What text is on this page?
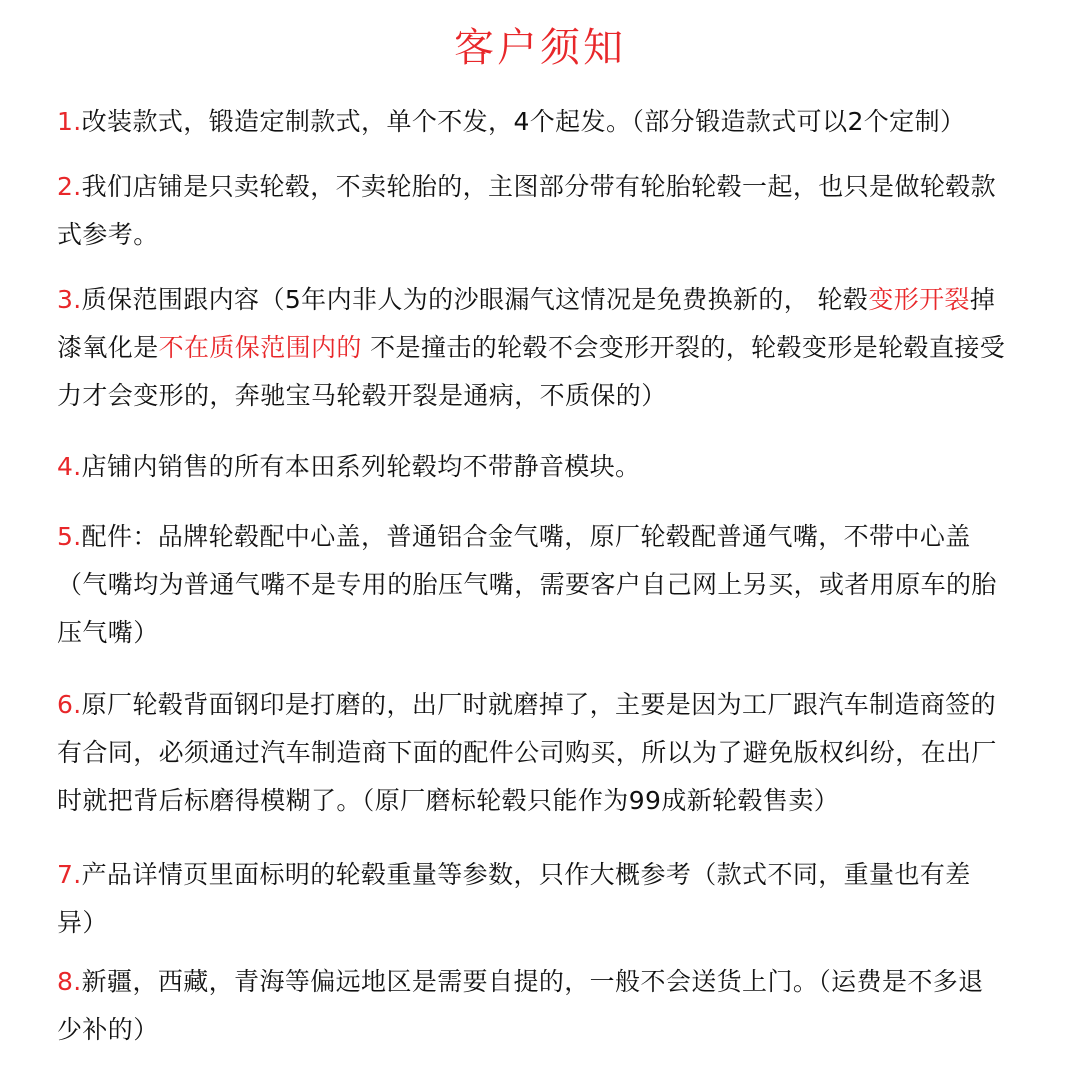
客户须知
1.改装款式，锻造定制款式，单个不发，4个起发。（部分锻造款式可以2个定制）
2.我们店铺是只卖轮毂，不卖轮胎的，主图部分带有轮胎轮毂一起，也只是做轮毂款式参考。
3.质保范围跟内容（5年内非人为的沙眼漏气这情况是免费换新的， 轮毂变形开裂掉漆氧化是不在质保范围内的 不是撞击的轮毂不会变形开裂的，轮毂变形是轮毂直接受力才会变形的，奔驰宝马轮毂开裂是通病，不质保的）
4.店铺内销售的所有本田系列轮毂均不带静音模块。
5.配件：品牌轮毂配中心盖，普通铝合金气嘴，原厂轮毂配普通气嘴，不带中心盖（气嘴均为普通气嘴不是专用的胎压气嘴，需要客户自己网上另买，或者用原车的胎压气嘴）
6.原厂轮毂背面钢印是打磨的，出厂时就磨掉了，主要是因为工厂跟汽车制造商签的有合同，必须通过汽车制造商下面的配件公司购买，所以为了避免版权纠纷，在出厂时就把背后标磨得模糊了。（原厂磨标轮毂只能作为99成新轮毂售卖）
7.产品详情页里面标明的轮毂重量等参数，只作大概参考（款式不同，重量也有差异）
8.新疆，西藏，青海等偏远地区是需要自提的，一般不会送货上门。（运费是不多退少补的）
